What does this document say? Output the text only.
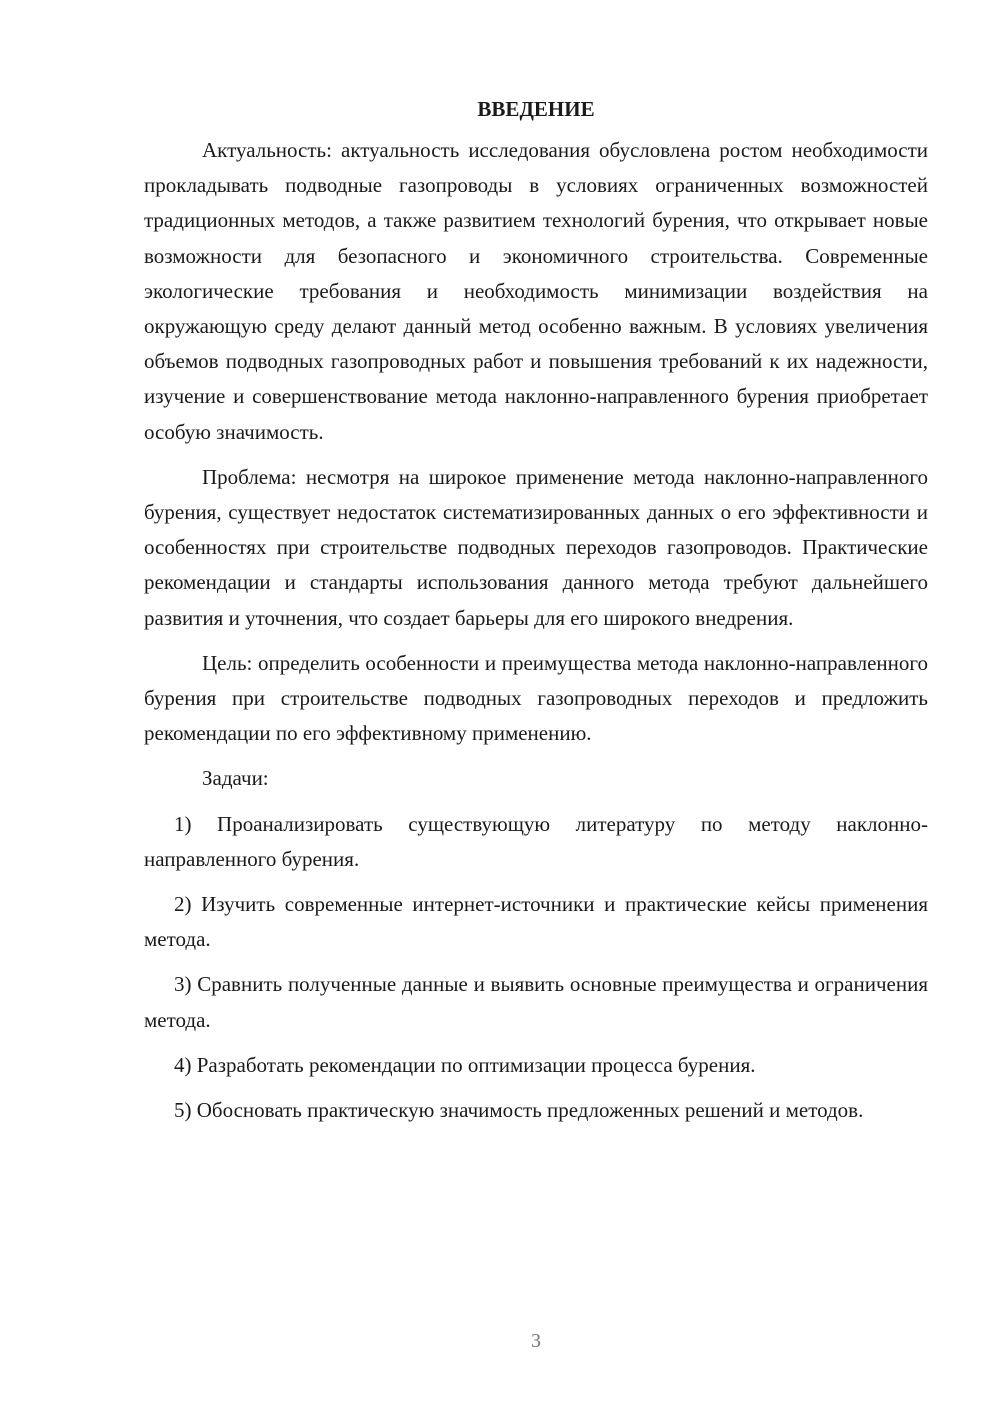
ВВЕДЕНИЕ

Актуальность: актуальность исследования обусловлена ростом необходимости прокладывать подводные газопроводы в условиях ограниченных возможностей традиционных методов, а также развитием технологий бурения, что открывает новые возможности для безопасного и экономичного строительства. Современные экологические требования и необходимость минимизации воздействия на окружающую среду делают данный метод особенно важным. В условиях увеличения объемов подводных газопроводных работ и повышения требований к их надежности, изучение и совершенствование метода наклонно-направленного бурения приобретает особую значимость.

Проблема: несмотря на широкое применение метода наклонно-направленного бурения, существует недостаток систематизированных данных о его эффективности и особенностях при строительстве подводных переходов газопроводов. Практические рекомендации и стандарты использования данного метода требуют дальнейшего развития и уточнения, что создает барьеры для его широкого внедрения.

Цель: определить особенности и преимущества метода наклонно-направленного бурения при строительстве подводных газопроводных переходов и предложить рекомендации по его эффективному применению.

Задачи:

1) Проанализировать существующую литературу по методу наклонно-направленного бурения.

2) Изучить современные интернет-источники и практические кейсы применения метода.

3) Сравнить полученные данные и выявить основные преимущества и ограничения метода.

4) Разработать рекомендации по оптимизации процесса бурения.

5) Обосновать практическую значимость предложенных решений и методов.

3
